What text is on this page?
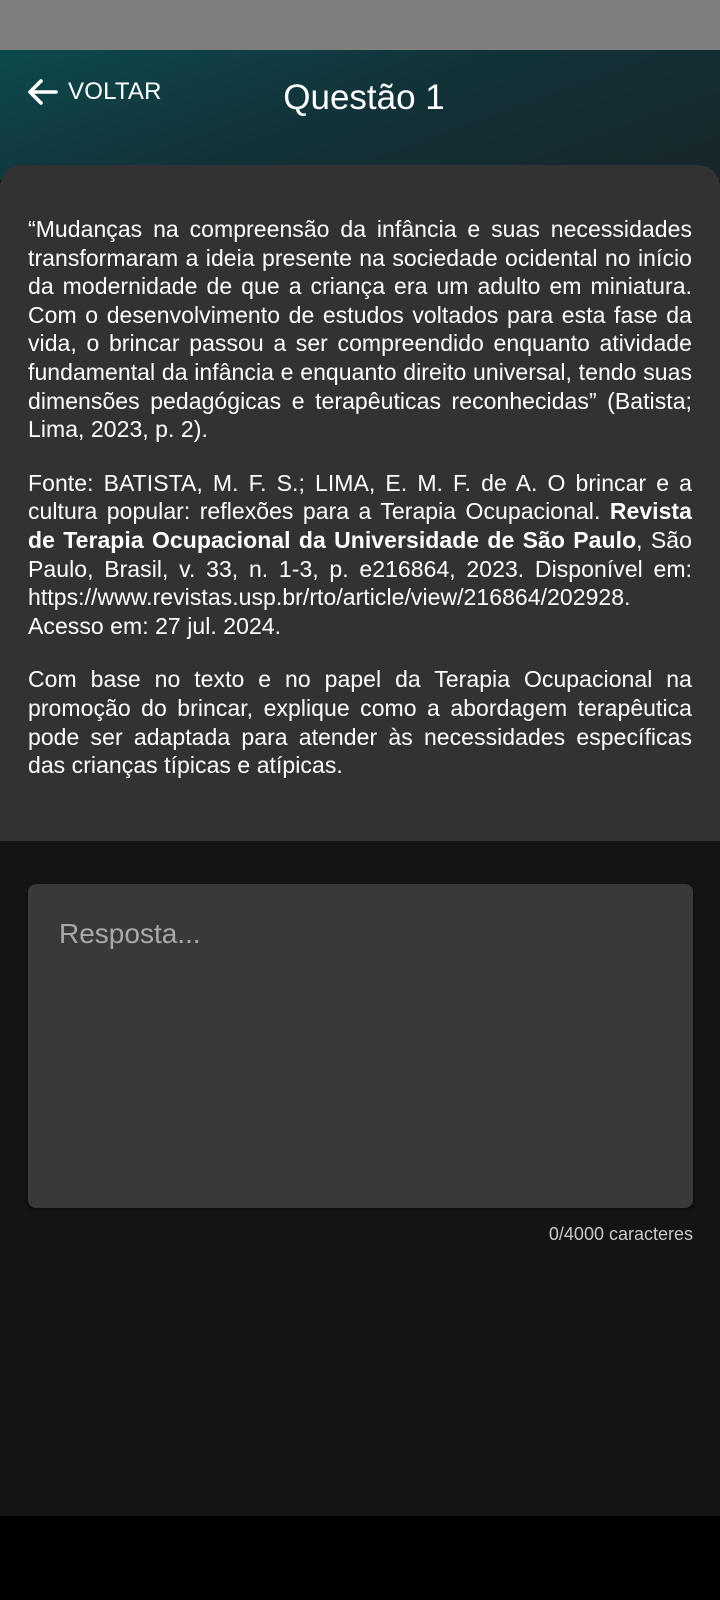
VOLTAR	Questão 1

“Mudanças na compreensão da infância e suas necessidades transformaram a ideia presente na sociedade ocidental no início da modernidade de que a criança era um adulto em miniatura. Com o desenvolvimento de estudos voltados para esta fase da vida, o brincar passou a ser compreendido enquanto atividade fundamental da infância e enquanto direito universal, tendo suas dimensões pedagógicas e terapêuticas reconhecidas” (Batista; Lima, 2023, p. 2).

Fonte: BATISTA, M. F. S.; LIMA, E. M. F. de A. O brincar e a cultura popular: reflexões para a Terapia Ocupacional. Revista de Terapia Ocupacional da Universidade de São Paulo, São Paulo, Brasil, v. 33, n. 1-3, p. e216864, 2023. Disponível em: https://www.revistas.usp.br/rto/article/view/216864/202928. Acesso em: 27 jul. 2024.

Com base no texto e no papel da Terapia Ocupacional na promoção do brincar, explique como a abordagem terapêutica pode ser adaptada para atender às necessidades específicas das crianças típicas e atípicas.

Resposta...
0/4000 caracteres
